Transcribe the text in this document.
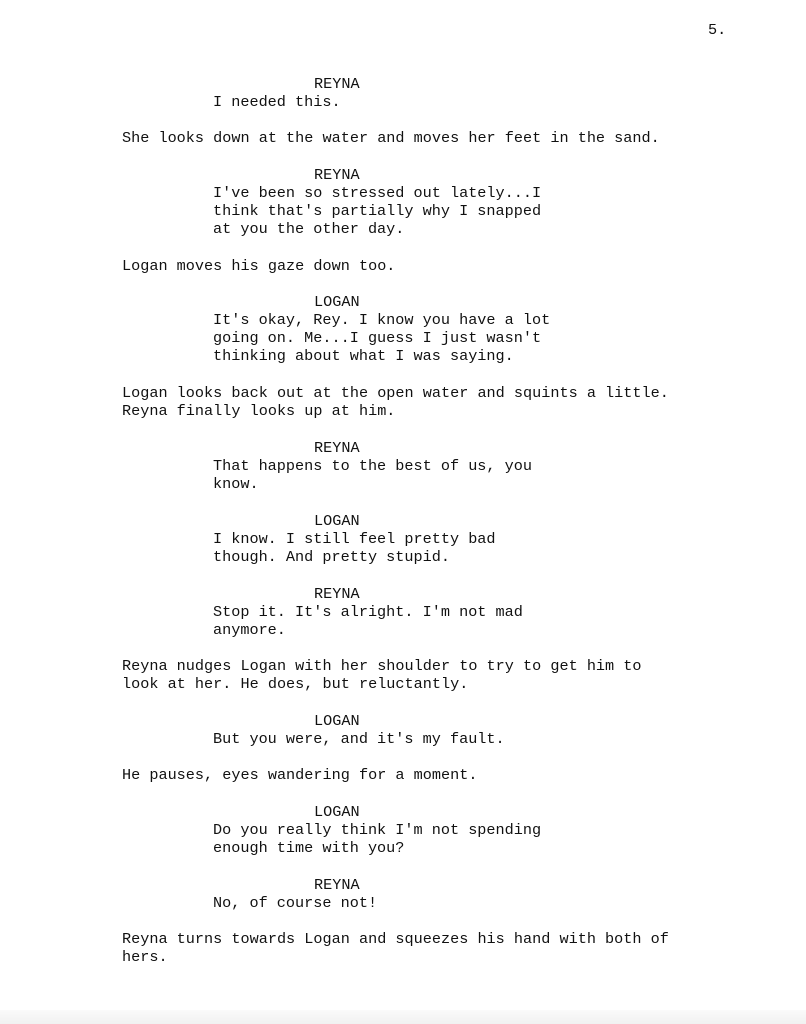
5.
REYNA
I needed this.
She looks down at the water and moves her feet in the sand.
REYNA
I've been so stressed out lately...I
think that's partially why I snapped
at you the other day.
Logan moves his gaze down too.
LOGAN
It's okay, Rey. I know you have a lot
going on. Me...I guess I just wasn't
thinking about what I was saying.
Logan looks back out at the open water and squints a little.
Reyna finally looks up at him.
REYNA
That happens to the best of us, you
know.
LOGAN
I know. I still feel pretty bad
though. And pretty stupid.
REYNA
Stop it. It's alright. I'm not mad
anymore.
Reyna nudges Logan with her shoulder to try to get him to
look at her. He does, but reluctantly.
LOGAN
But you were, and it's my fault.
He pauses, eyes wandering for a moment.
LOGAN
Do you really think I'm not spending
enough time with you?
REYNA
No, of course not!
Reyna turns towards Logan and squeezes his hand with both of
hers.
